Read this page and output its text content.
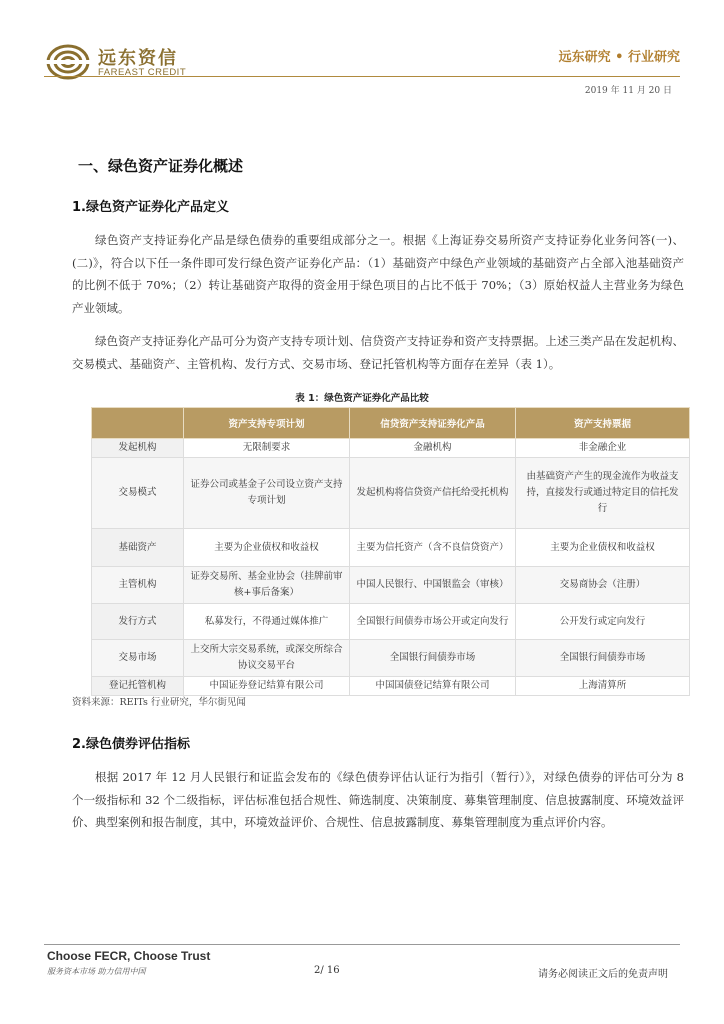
远东资信
FAREAST CREDIT
远东研究 • 行业研究
2019 年 11 月 20 日
一、绿色资产证券化概述
1.绿色资产证券化产品定义

绿色资产支持证券化产品是绿色债券的重要组成部分之一。根据《上海证券交易所资产支持证券化业务问答(一)、(二)》，符合以下任一条件即可发行绿色资产证券化产品：（1）基础资产中绿色产业领域的基础资产占全部入池基础资产的比例不低于 70%；（2）转让基础资产取得的资金用于绿色项目的占比不低于 70%；（3）原始权益人主营业务为绿色产业领域。

绿色资产支持证券化产品可分为资产支持专项计划、信贷资产支持证券和资产支持票据。上述三类产品在发起机构、交易模式、基础资产、主管机构、发行方式、交易市场、登记托管机构等方面存在差异（表 1）。

表 1：绿色资产证券化产品比较
	资产支持专项计划	信贷资产支持证券化产品	资产支持票据
发起机构	无限制要求	金融机构	非金融企业
交易模式	证券公司或基金子公司设立资产支持专项计划	发起机构将信贷资产信托给受托机构	由基础资产产生的现金流作为收益支持，直接发行或通过特定目的信托发行
基础资产	主要为企业债权和收益权	主要为信托资产（含不良信贷资产）	主要为企业债权和收益权
主管机构	证券交易所、基金业协会（挂牌前审核+事后备案）	中国人民银行、中国银监会（审核）	交易商协会（注册）
发行方式	私募发行，不得通过媒体推广	全国银行间债券市场公开或定向发行	公开发行或定向发行
交易市场	上交所大宗交易系统，或深交所综合协议交易平台	全国银行间债券市场	全国银行间债券市场
登记托管机构	中国证券登记结算有限公司	中国国债登记结算有限公司	上海清算所
资料来源：REITs 行业研究，华尔街见闻
2.绿色债券评估指标

根据 2017 年 12 月人民银行和证监会发布的《绿色债券评估认证行为指引（暂行）》，对绿色债券的评估可分为 8 个一级指标和 32 个二级指标，评估标准包括合规性、筛选制度、决策制度、募集管理制度、信息披露制度、环境效益评价、典型案例和报告制度，其中，环境效益评价、合规性、信息披露制度、募集管理制度为重点评价内容。

Choose FECR, Choose Trust
服务资本市场 助力信用中国	2/ 16	请务必阅读正文后的免责声明
